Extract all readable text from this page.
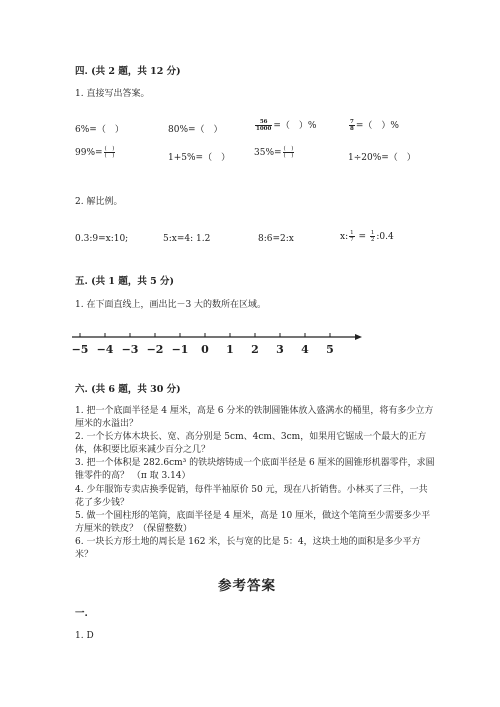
四. (共 2 题，共 12 分)
1. 直接写出答案。
6%=（　）	80%=（　）	$\frac{56}{1000}$ =（　）%	$\frac{7}{8}$ =（　）%
$99\%= \frac{( )}{( )}$	1+5%=（　）	$35\%= \frac{( )}{( )}$	1÷20%=（　）
2. 解比例。
0.3:9=x:10;	5:x=4: 1.2	8:6=2:x	x: $\frac{1}{7} = \frac{1}{2}$ :0.4
五. (共 1 题，共 5 分)
1. 在下面直线上，画出比－3 大的数所在区域。
−5 −4 −3 −2 −1 0 1 2 3 4 5
六. (共 6 题，共 30 分)
1. 把一个底面半径是 4 厘米，高是 6 分米的铁制圆锥体放入盛满水的桶里，将有多少立方厘米的水溢出？
2. 一个长方体木块长、宽、高分别是 5cm、4cm、3cm，如果用它锯成一个最大的正方体，体积要比原来减少百分之几？
3. 把一个体积是 282.6cm³ 的铁块熔铸成一个底面半径是 6 厘米的圆锥形机器零件，求圆锥零件的高？ （π 取 3.14）
4. 少年服饰专卖店换季促销，每件半袖原价 50 元，现在八折销售。小林买了三件，一共花了多少钱？
5. 做一个圆柱形的笔筒，底面半径是 4 厘米，高是 10 厘米，做这个笔筒至少需要多少平方厘米的铁皮？（保留整数）
6. 一块长方形土地的周长是 162 米，长与宽的比是 5：4，这块土地的面积是多少平方米？
参考答案
一.
1. D
